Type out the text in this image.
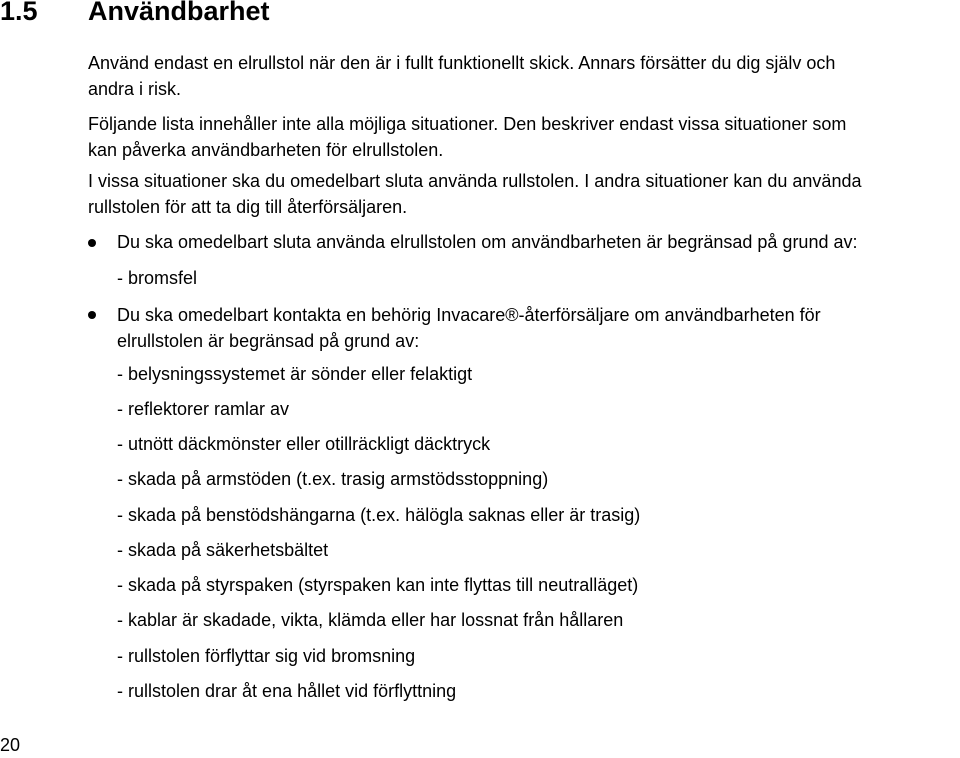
1.5 Användbarhet

Använd endast en elrullstol när den är i fullt funktionellt skick. Annars försätter du dig själv och
andra i risk.

Följande lista innehåller inte alla möjliga situationer. Den beskriver endast vissa situationer som
kan påverka användbarheten för elrullstolen.

I vissa situationer ska du omedelbart sluta använda rullstolen. I andra situationer kan du använda
rullstolen för att ta dig till återförsäljaren.

Du ska omedelbart sluta använda elrullstolen om användbarheten är begränsad på grund av:

- bromsfel

Du ska omedelbart kontakta en behörig Invacare®-återförsäljare om användbarheten för
elrullstolen är begränsad på grund av:

- belysningssystemet är sönder eller felaktigt

- reflektorer ramlar av

- utnött däckmönster eller otillräckligt däcktryck

- skada på armstöden (t.ex. trasig armstödsstoppning)

- skada på benstödshängarna (t.ex. hälögla saknas eller är trasig)

- skada på säkerhetsbältet

- skada på styrspaken (styrspaken kan inte flyttas till neutralläget)

- kablar är skadade, vikta, klämda eller har lossnat från hållaren

- rullstolen förflyttar sig vid bromsning

- rullstolen drar åt ena hållet vid förflyttning

20
